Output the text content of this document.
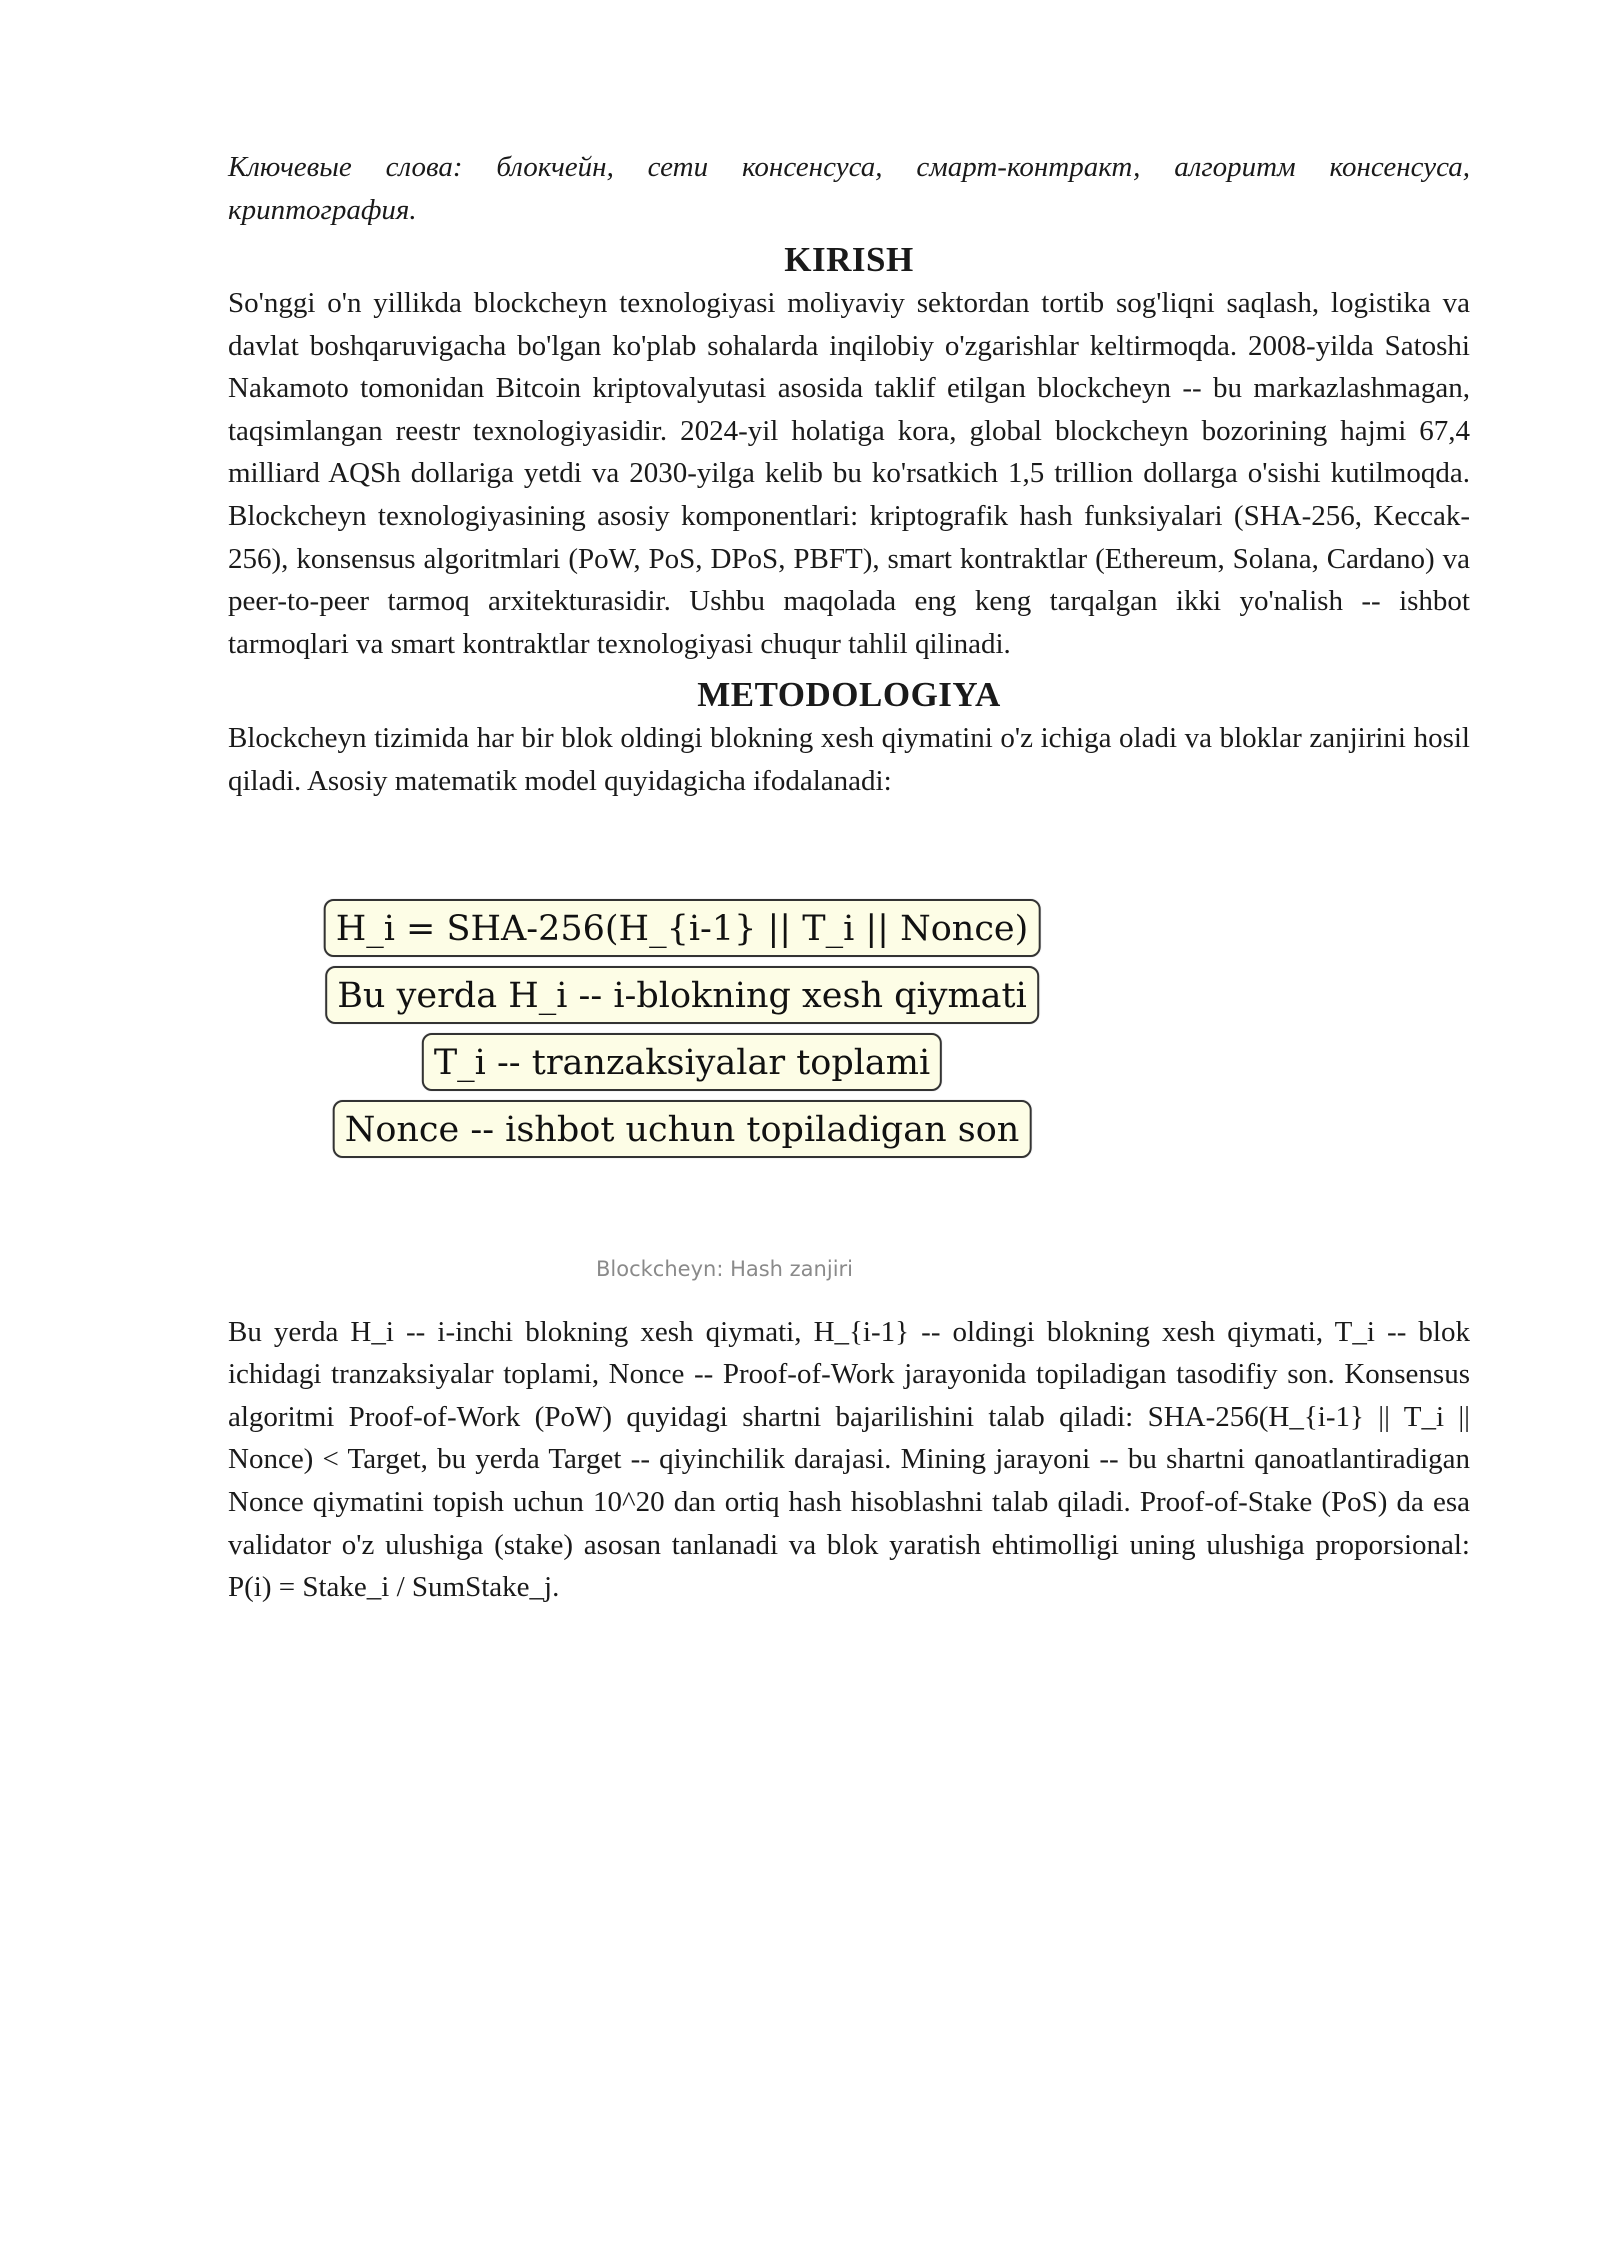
Ключевые слова: блокчейн, сети консенсуса, смарт-контракт, алгоритм консенсуса, криптография.

KIRISH

So'nggi o'n yillikda blockcheyn texnologiyasi moliyaviy sektordan tortib sog'liqni saqlash, logistika va davlat boshqaruvigacha bo'lgan ko'plab sohalarda inqilobiy o'zgarishlar keltirmoqda. 2008-yilda Satoshi Nakamoto tomonidan Bitcoin kriptovalyutasi asosida taklif etilgan blockcheyn -- bu markazlashmagan, taqsimlangan reestr texnologiyasidir. 2024-yil holatiga kora, global blockcheyn bozorining hajmi 67,4 milliard AQSh dollariga yetdi va 2030-yilga kelib bu ko'rsatkich 1,5 trillion dollarga o'sishi kutilmoqda. Blockcheyn texnologiyasining asosiy komponentlari: kriptografik hash funksiyalari (SHA-256, Keccak-256), konsensus algoritmlari (PoW, PoS, DPoS, PBFT), smart kontraktlar (Ethereum, Solana, Cardano) va peer-to-peer tarmoq arxitekturasidir. Ushbu maqolada eng keng tarqalgan ikki yo'nalish -- ishbot tarmoqlari va smart kontraktlar texnologiyasi chuqur tahlil qilinadi.

METODOLOGIYA

Blockcheyn tizimida har bir blok oldingi blokning xesh qiymatini o'z ichiga oladi va bloklar zanjirini hosil qiladi. Asosiy matematik model quyidagicha ifodalanadi:

H_i = SHA-256(H_{i-1} || T_i || Nonce)
Bu yerda H_i -- i-blokning xesh qiymati
T_i -- tranzaksiyalar toplami
Nonce -- ishbot uchun topiladigan son
Blockcheyn: Hash zanjiri

Bu yerda H_i -- i-inchi blokning xesh qiymati, H_{i-1} -- oldingi blokning xesh qiymati, T_i -- blok ichidagi tranzaksiyalar toplami, Nonce -- Proof-of-Work jarayonida topiladigan tasodifiy son. Konsensus algoritmi Proof-of-Work (PoW) quyidagi shartni bajarilishini talab qiladi: SHA-256(H_{i-1} || T_i || Nonce) < Target, bu yerda Target -- qiyinchilik darajasi. Mining jarayoni -- bu shartni qanoatlantiradigan Nonce qiymatini topish uchun 10^20 dan ortiq hash hisoblashni talab qiladi. Proof-of-Stake (PoS) da esa validator o'z ulushiga (stake) asosan tanlanadi va blok yaratish ehtimolligi uning ulushiga proporsional: P(i) = Stake_i / SumStake_j.
